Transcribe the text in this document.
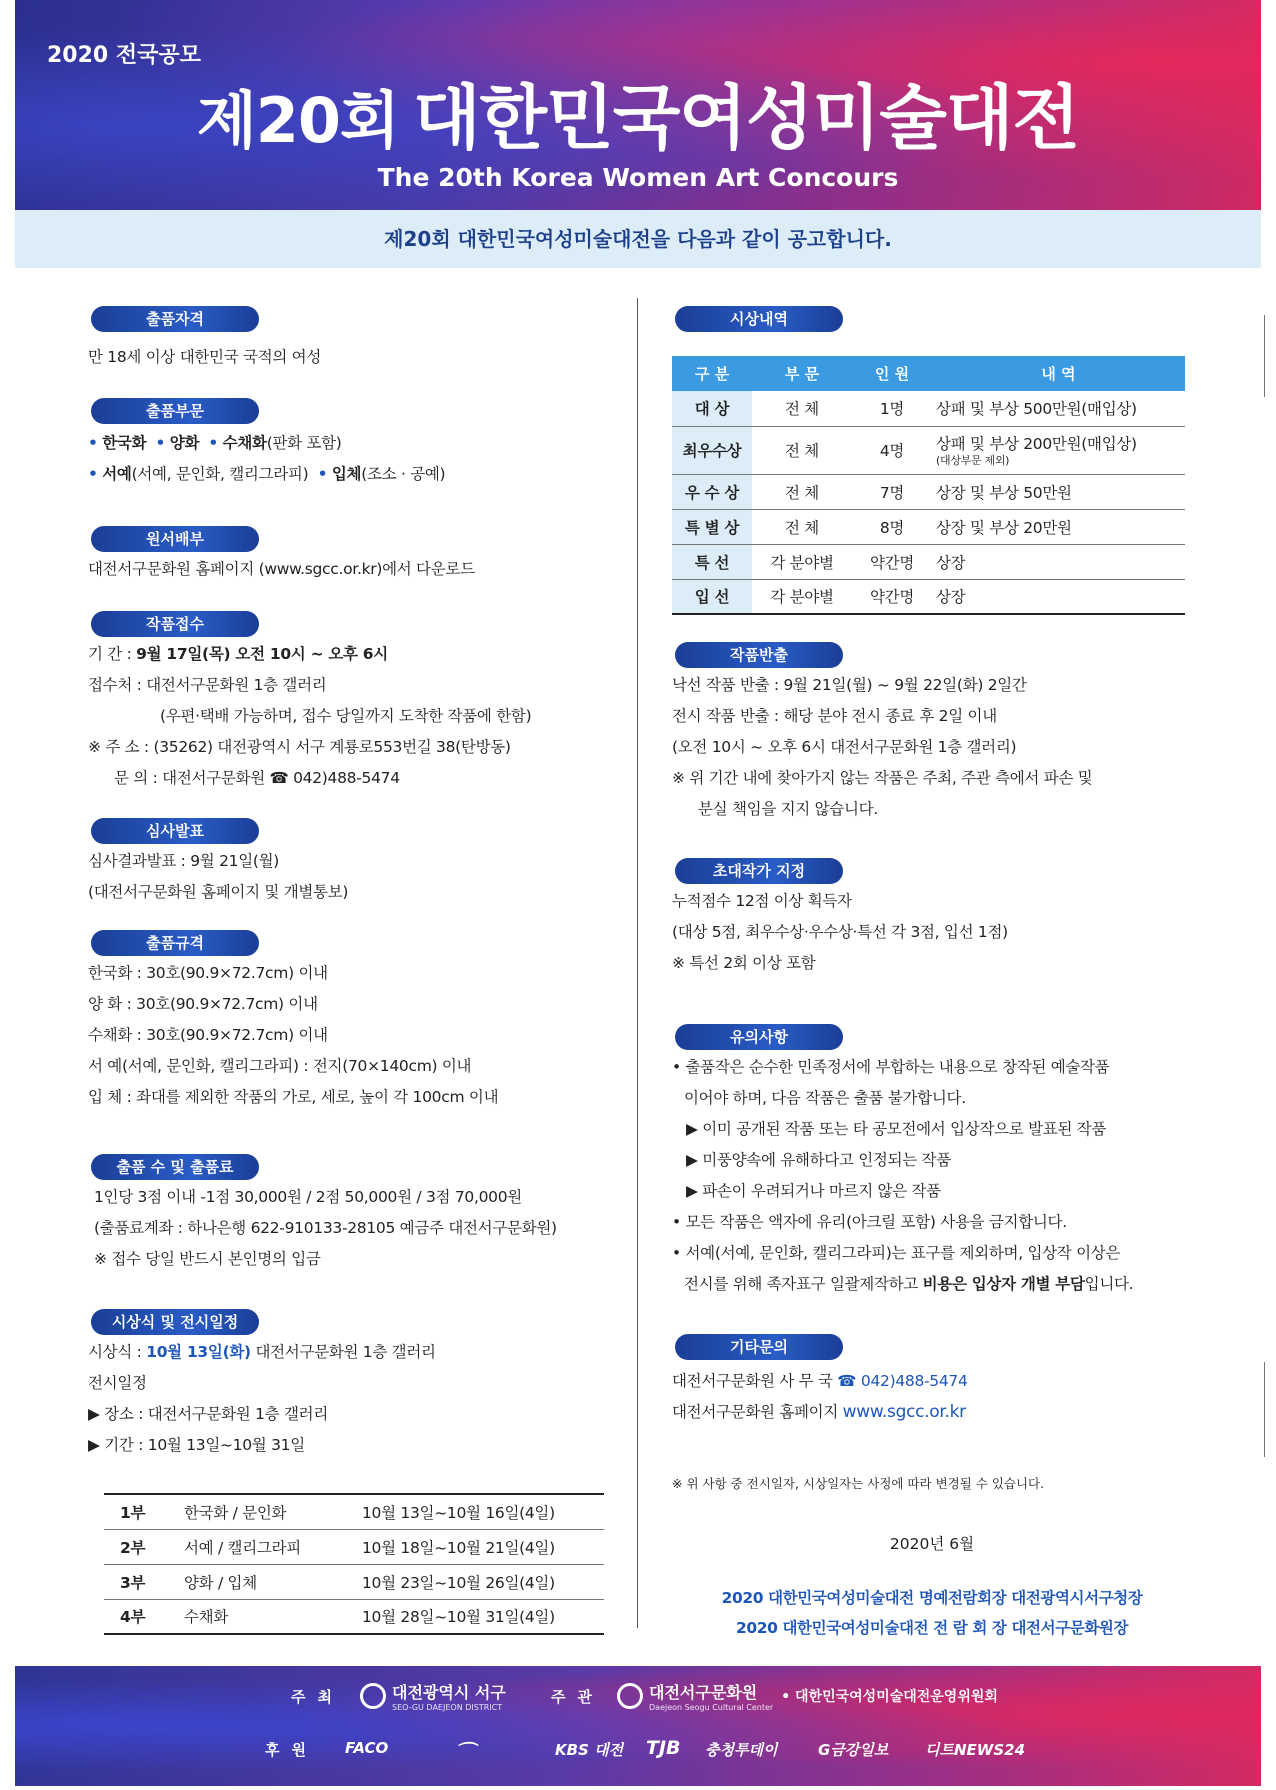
2020 전국공모
제20회 대한민국여성미술대전
The 20th Korea Women Art Concours
제20회 대한민국여성미술대전을 다음과 같이 공고합니다.
출품자격
만 18세 이상 대한민국 국적의 여성
출품부문
• 한국화 • 양화 • 수채화(판화 포함)
• 서예(서예, 문인화, 캘리그라피) • 입체(조소 · 공예)
원서배부
대전서구문화원 홈페이지 (www.sgcc.or.kr)에서 다운로드
작품접수
기 간 : 9월 17일(목) 오전 10시 ~ 오후 6시
접수처 : 대전서구문화원 1층 갤러리
(우편·택배 가능하며, 접수 당일까지 도착한 작품에 한함)
※ 주 소 : (35262) 대전광역시 서구 계룡로553번길 38(탄방동)
문 의 : 대전서구문화원 ☎ 042)488-5474
심사발표
심사결과발표 : 9월 21일(월)
(대전서구문화원 홈페이지 및 개별통보)
출품규격
한국화 : 30호(90.9×72.7cm) 이내
양 화 : 30호(90.9×72.7cm) 이내
수채화 : 30호(90.9×72.7cm) 이내
서 예(서예, 문인화, 캘리그라피) : 전지(70×140cm) 이내
입 체 : 좌대를 제외한 작품의 가로, 세로, 높이 각 100cm 이내
출품 수 및 출품료
1인당 3점 이내 -1점 30,000원 / 2점 50,000원 / 3점 70,000원
(출품료계좌 : 하나은행 622-910133-28105 예금주 대전서구문화원)
※ 접수 당일 반드시 본인명의 입금
시상식 및 전시일정
시상식 : 10월 13일(화) 대전서구문화원 1층 갤러리
전시일정
▶ 장소 : 대전서구문화원 1층 갤러리
▶ 기간 : 10월 13일~10월 31일
1부	한국화 / 문인화	10월 13일~10월 16일(4일)
2부	서예 / 캘리그라피	10월 18일~10월 21일(4일)
3부	양화 / 입체	10월 23일~10월 26일(4일)
4부	수채화	10월 28일~10월 31일(4일)
시상내역
구 분	부 문	인 원	내 역
대 상	전 체	1명	상패 및 부상 500만원(매입상)
최우수상	전 체	4명	상패 및 부상 200만원(매입상)
(대상부문 제외)

우 수 상	전 체	7명	상장 및 부상 50만원
특 별 상	전 체	8명	상장 및 부상 20만원
특 선	각 분야별	약간명	상장
입 선	각 분야별	약간명	상장
작품반출
낙선 작품 반출 : 9월 21일(월) ~ 9월 22일(화) 2일간
전시 작품 반출 : 해당 분야 전시 종료 후 2일 이내
(오전 10시 ~ 오후 6시 대전서구문화원 1층 갤러리)
※ 위 기간 내에 찾아가지 않는 작품은 주최, 주관 측에서 파손 및
분실 책임을 지지 않습니다.
초대작가 지정
누적점수 12점 이상 획득자
(대상 5점, 최우수상·우수상·특선 각 3점, 입선 1점)
※ 특선 2회 이상 포함
유의사항
• 출품작은 순수한 민족정서에 부합하는 내용으로 창작된 예술작품
이어야 하며, 다음 작품은 출품 불가합니다.
▶ 이미 공개된 작품 또는 타 공모전에서 입상작으로 발표된 작품
▶ 미풍양속에 유해하다고 인정되는 작품
▶ 파손이 우려되거나 마르지 않은 작품
• 모든 작품은 액자에 유리(아크릴 포함) 사용을 금지합니다.
• 서예(서예, 문인화, 캘리그라피)는 표구를 제외하며, 입상작 이상은
전시를 위해 족자표구 일괄제작하고 비용은 입상자 개별 부담입니다.
기타문의
대전서구문화원 사 무 국 ☎ 042)488-5474
대전서구문화원 홈페이지 www.sgcc.or.kr
※ 위 사항 중 전시일자, 시상일자는 사정에 따라 변경될 수 있습니다.
2020년 6월
2020 대한민국여성미술대전 명예전람회장 대전광역시서구청장
2020 대한민국여성미술대전 전 람 회 장 대전서구문화원장
주최	대전광역시 서구
SEO-GU DAEJEON DISTRICT
주관	대전서구문화원
Daejeon Seogu Cultural Center
• 대한민국여성미술대전운영위원회
후원 FACO	⌒	KBS 대전 TJB 충청투데이	G금강일보 디트NEWS24
